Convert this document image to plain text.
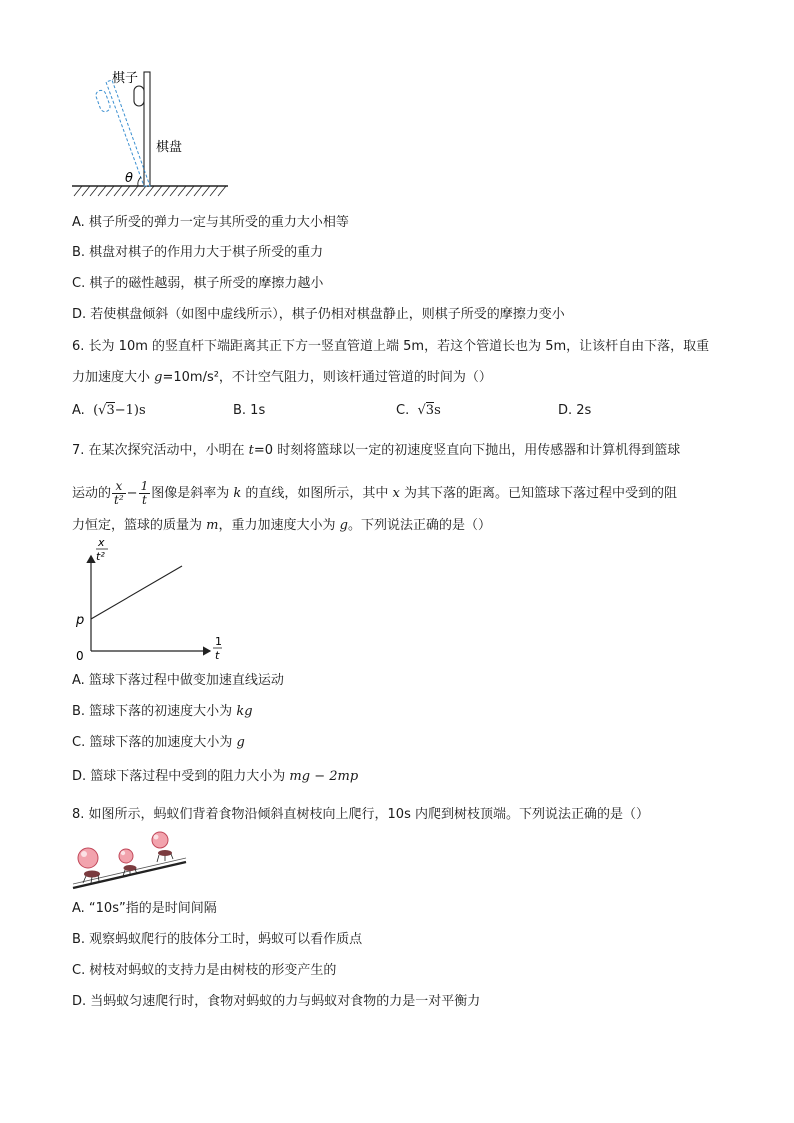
θ
棋子
棋盘
A. 棋子所受的弹力一定与其所受的重力大小相等
B. 棋盘对棋子的作用力大于棋子所受的重力
C. 棋子的磁性越弱，棋子所受的摩擦力越小
D. 若使棋盘倾斜（如图中虚线所示），棋子仍相对棋盘静止，则棋子所受的摩擦力变小
6. 长为 10m 的竖直杆下端距离其正下方一竖直管道上端 5m，若这个管道长也为 5m，让该杆自由下落，取重
力加速度大小 g=10m/s²，不计空气阻力，则该杆通过管道的时间为（）
A. (√3−1)s	B. 1s	C. √3s	D. 2s
7. 在某次探究活动中，小明在 t=0 时刻将篮球以一定的初速度竖直向下抛出，用传感器和计算机得到篮球
运动的 $\frac{x}{\text{t²}} - \frac{1}{t}$ 图像是斜率为 k 的直线，如图所示，其中 x 为其下落的距离。已知篮球下落过程中受到的阻
力恒定，篮球的质量为 m，重力加速度大小为 g。下列说法正确的是（）
x
t²
1
t
p
0
A. 篮球下落过程中做变加速直线运动
B. 篮球下落的初速度大小为 kg
C. 篮球下落的加速度大小为 g
D. 篮球下落过程中受到的阻力大小为 mg − 2mp
8. 如图所示，蚂蚁们背着食物沿倾斜直树枝向上爬行，10s 内爬到树枝顶端。下列说法正确的是（）
A. “10s”指的是时间间隔
B. 观察蚂蚁爬行的肢体分工时，蚂蚁可以看作质点
C. 树枝对蚂蚁的支持力是由树枝的形变产生的
D. 当蚂蚁匀速爬行时，食物对蚂蚁的力与蚂蚁对食物的力是一对平衡力
